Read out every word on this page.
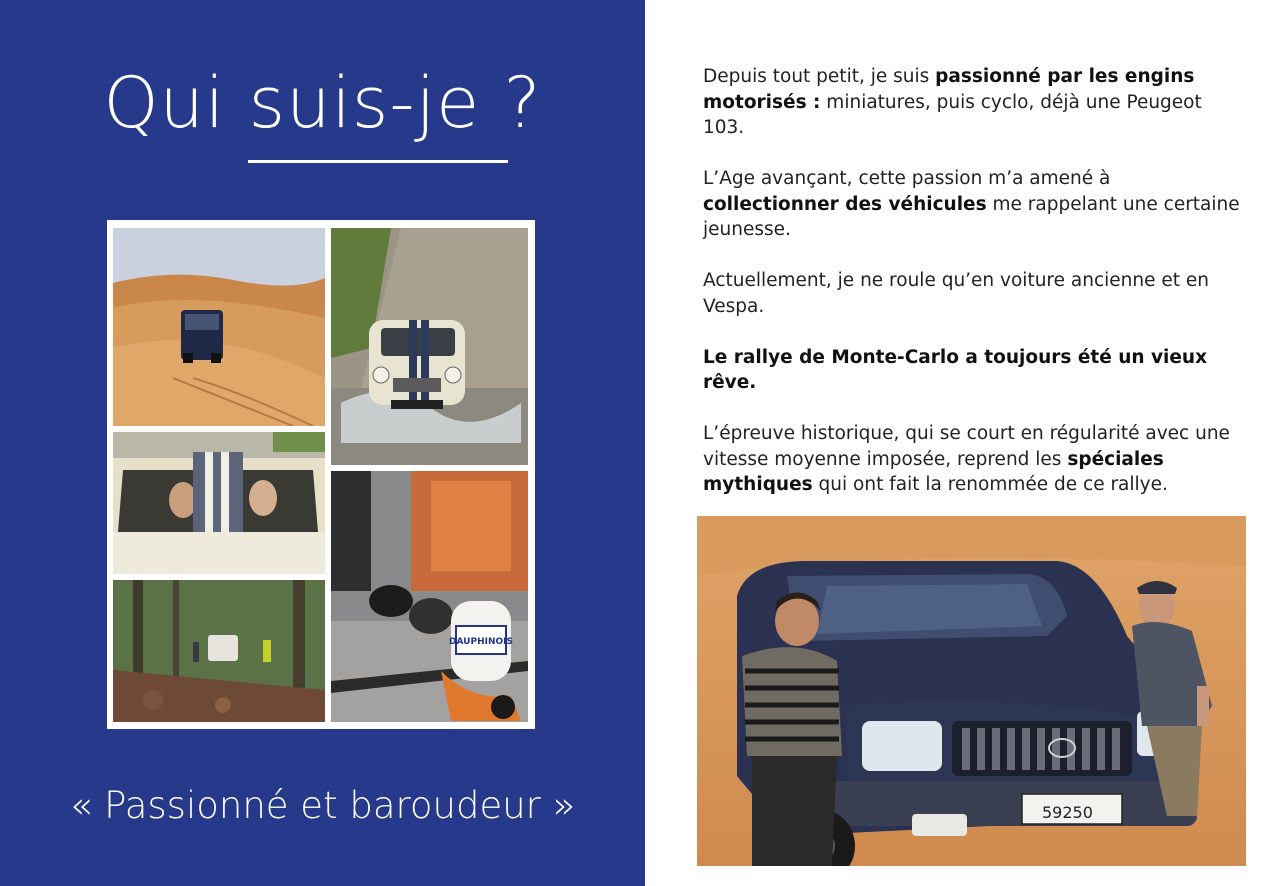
Qui suis-je ?
DAUPHINOIS

« Passionné et baroudeur »

Depuis tout petit, je suis passionné par les engins motorisés : miniatures, puis cyclo, déjà une Peugeot 103.

L’Age avançant, cette passion m’a amené à collectionner des véhicules me rappelant une certaine jeunesse.

Actuellement, je ne roule qu’en voiture ancienne et en Vespa.

Le rallye de Monte-Carlo a toujours été un vieux rêve.

L’épreuve historique, qui se court en régularité avec une vitesse moyenne imposée, reprend les spéciales mythiques qui ont fait la renommée de ce rallye.

59250
